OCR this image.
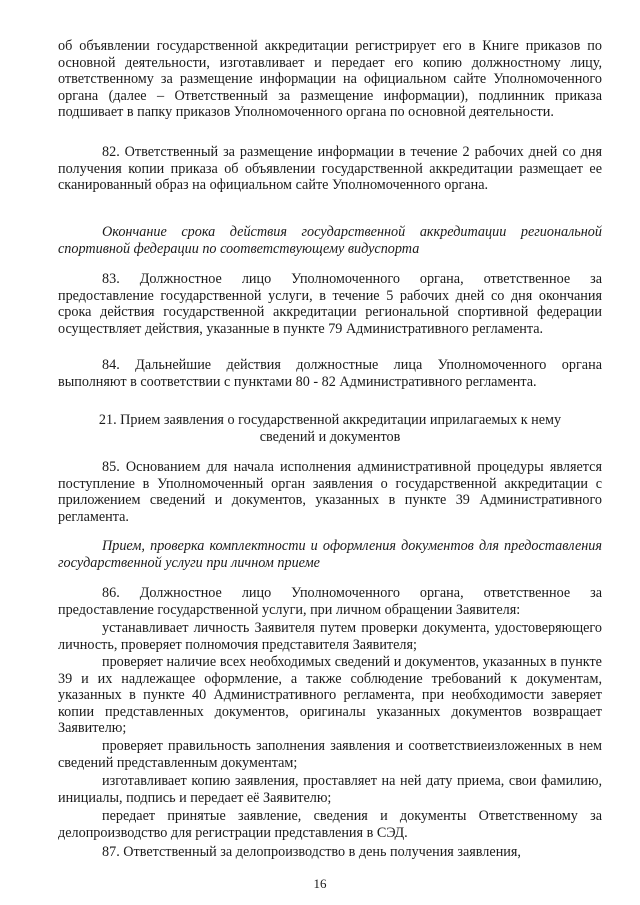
об объявлении государственной аккредитации регистрирует его в Книге приказов по основной деятельности, изготавливает и передает его копию должностному лицу, ответственному за размещение информации на официальном сайте Уполномоченного органа (далее – Ответственный за размещение информации), подлинник приказа подшивает в папку приказов Уполномоченного органа по основной деятельности.

82. Ответственный за размещение информации в течение 2 рабочих дней со дня получения копии приказа об объявлении государственной аккредитации размещает ее сканированный образ на официальном сайте Уполномоченного органа.

Окончание срока действия государственной аккредитации региональной спортивной федерации по соответствующему видуспорта

83. Должностное лицо Уполномоченного органа, ответственное за предоставление государственной услуги, в течение 5 рабочих дней со дня окончания срока действия государственной аккредитации региональной спортивной федерации осуществляет действия, указанные в пункте 79 Административного регламента.

84. Дальнейшие действия должностные лица Уполномоченного органа выполняют в соответствии с пунктами 80 - 82 Административного регламента.

21. Прием заявления о государственной аккредитации иприлагаемых к нему сведений и документов

85. Основанием для начала исполнения административной процедуры является поступление в Уполномоченный орган заявления о государственной аккредитации с приложением сведений и документов, указанных в пункте 39 Административного регламента.

Прием, проверка комплектности и оформления документов для предоставления государственной услуги при личном приеме

86. Должностное лицо Уполномоченного органа, ответственное за предоставление государственной услуги, при личном обращении Заявителя:

устанавливает личность Заявителя путем проверки документа, удостоверяющего личность, проверяет полномочия представителя Заявителя;

проверяет наличие всех необходимых сведений и документов, указанных в пункте 39 и их надлежащее оформление, а также соблюдение требований к документам, указанных в пункте 40 Административного регламента, при необходимости заверяет копии представленных документов, оригиналы указанных документов возвращает Заявителю;

проверяет правильность заполнения заявления и соответствиеизложенных в нем сведений представленным документам;

изготавливает копию заявления, проставляет на ней дату приема, свои фамилию, инициалы, подпись и передает её Заявителю;

передает принятые заявление, сведения и документы Ответственному за делопроизводство для регистрации представления в СЭД.

87. Ответственный за делопроизводство в день получения заявления,

16
